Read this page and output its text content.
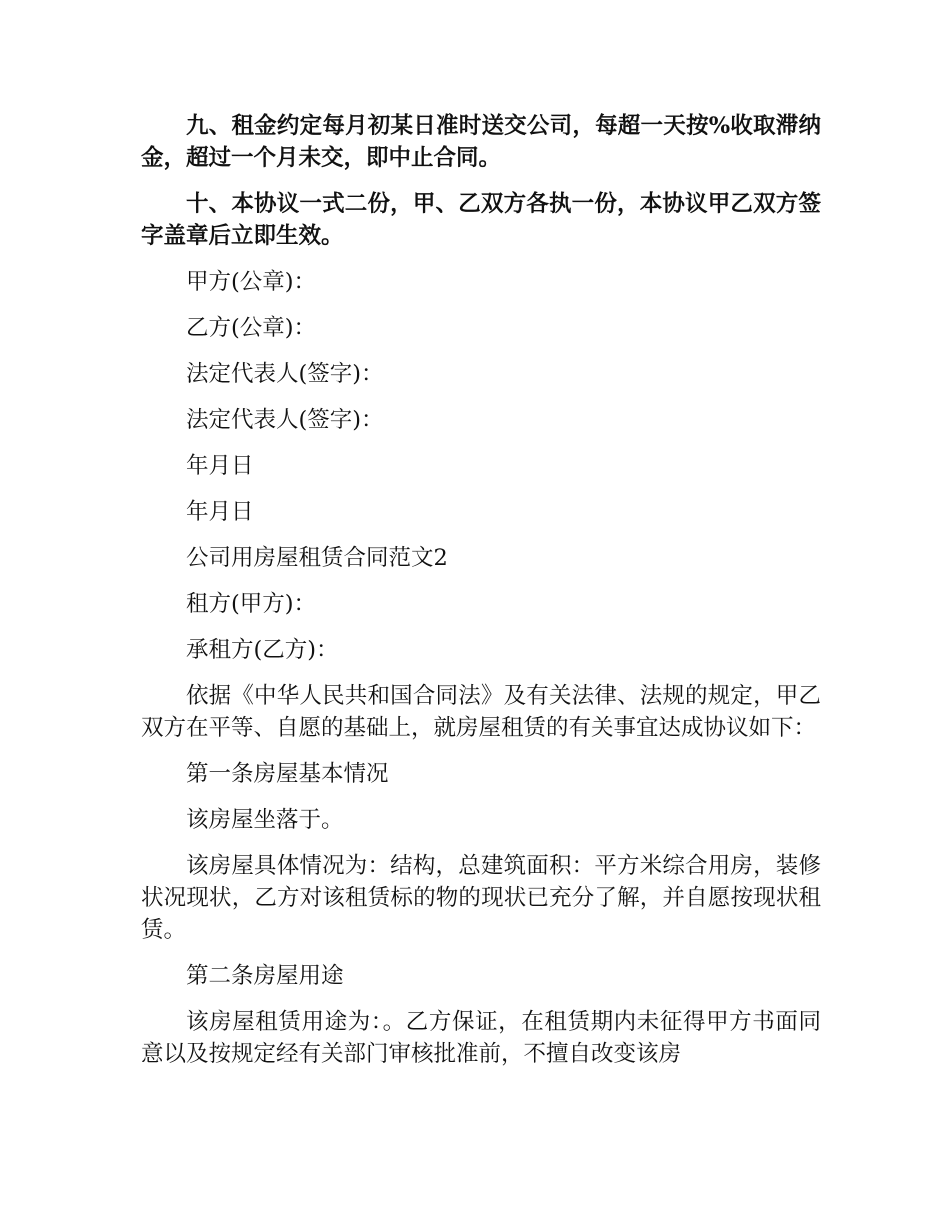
九、租金约定每月初某日准时送交公司，每超一天按%收取滞纳金，超过一个月未交，即中止合同。

十、本协议一式二份，甲、乙双方各执一份，本协议甲乙双方签字盖章后立即生效。

甲方(公章)：

乙方(公章)：

法定代表人(签字)：

法定代表人(签字)：

年月日

年月日

公司用房屋租赁合同范文2

租方(甲方)：

承租方(乙方)：

依据《中华人民共和国合同法》及有关法律、法规的规定，甲乙双方在平等、自愿的基础上，就房屋租赁的有关事宜达成协议如下：

第一条房屋基本情况

该房屋坐落于。

该房屋具体情况为：结构，总建筑面积：平方米综合用房，装修状况现状，乙方对该租赁标的物的现状已充分了解，并自愿按现状租赁。

第二条房屋用途

该房屋租赁用途为：。乙方保证，在租赁期内未征得甲方书面同意以及按规定经有关部门审核批准前，不擅自改变该房
